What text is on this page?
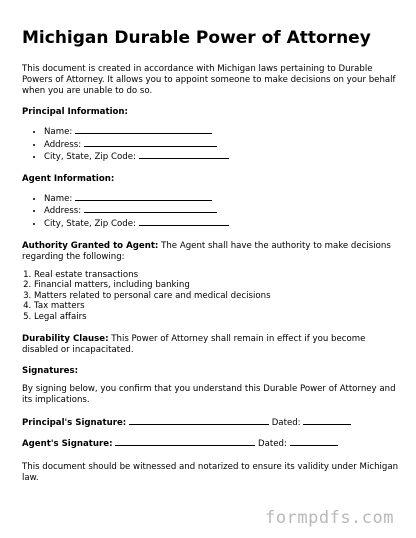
Michigan Durable Power of Attorney

This document is created in accordance with Michigan laws pertaining to Durable Powers of Attorney. It allows you to appoint someone to make decisions on your behalf when you are unable to do so.

Principal Information:
• Name:
• Address:
• City, State, Zip Code:
Agent Information:
• Name:
• Address:
• City, State, Zip Code:

Authority Granted to Agent: The Agent shall have the authority to make decisions regarding the following:

1. Real estate transactions
2. Financial matters, including banking
3. Matters related to personal care and medical decisions
4. Tax matters
5. Legal affairs

Durability Clause: This Power of Attorney shall remain in effect if you become disabled or incapacitated.

Signatures:

By signing below, you confirm that you understand this Durable Power of Attorney and its implications.

Principal's Signature:	Dated:
Agent's Signature:	Dated:

This document should be witnessed and notarized to ensure its validity under Michigan law.

formpdfs.com
